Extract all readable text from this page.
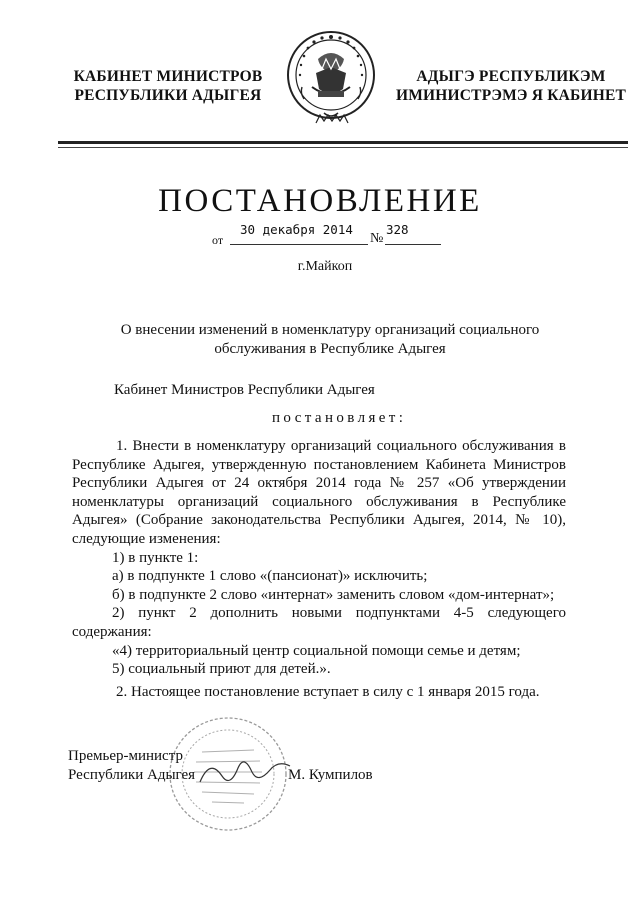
КАБИНЕТ МИНИСТРОВ
РЕСПУБЛИКИ АДЫГЕЯ
АДЫГЭ РЕСПУБЛИКЭМ
ИМИНИСТРЭМЭ Я КАБИНЕТ
ПОСТАНОВЛЕНИЕ
от
30 декабря 2014
№
328
г.Майкоп
О внесении изменений в номенклатуру организаций социального
обслуживания в Республике Адыгея
Кабинет Министров Республики Адыгея
постановляет:

1. Внести в номенклатуру организаций социального обслуживания в Республике Адыгея, утвержденную постановлением Кабинета Министров Республики Адыгея от 24 октября 2014 года № 257 «Об утверждении номенклатуры организаций социального обслуживания в Республике Адыгея» (Собрание законодательства Республики Адыгея, 2014, № 10), следующие изменения:

1) в пункте 1:

а) в подпункте 1 слово «(пансионат)» исключить;

б) в подпункте 2 слово «интернат» заменить словом «дом-интернат»;

2) пункт 2 дополнить новыми подпунктами 4-5 следующего содержания:

«4) территориальный центр социальной помощи семье и детям;

5) социальный приют для детей.».

2. Настоящее постановление вступает в силу с 1 января 2015 года.

Премьер-министр
Республики Адыгея	М. Кумпилов
